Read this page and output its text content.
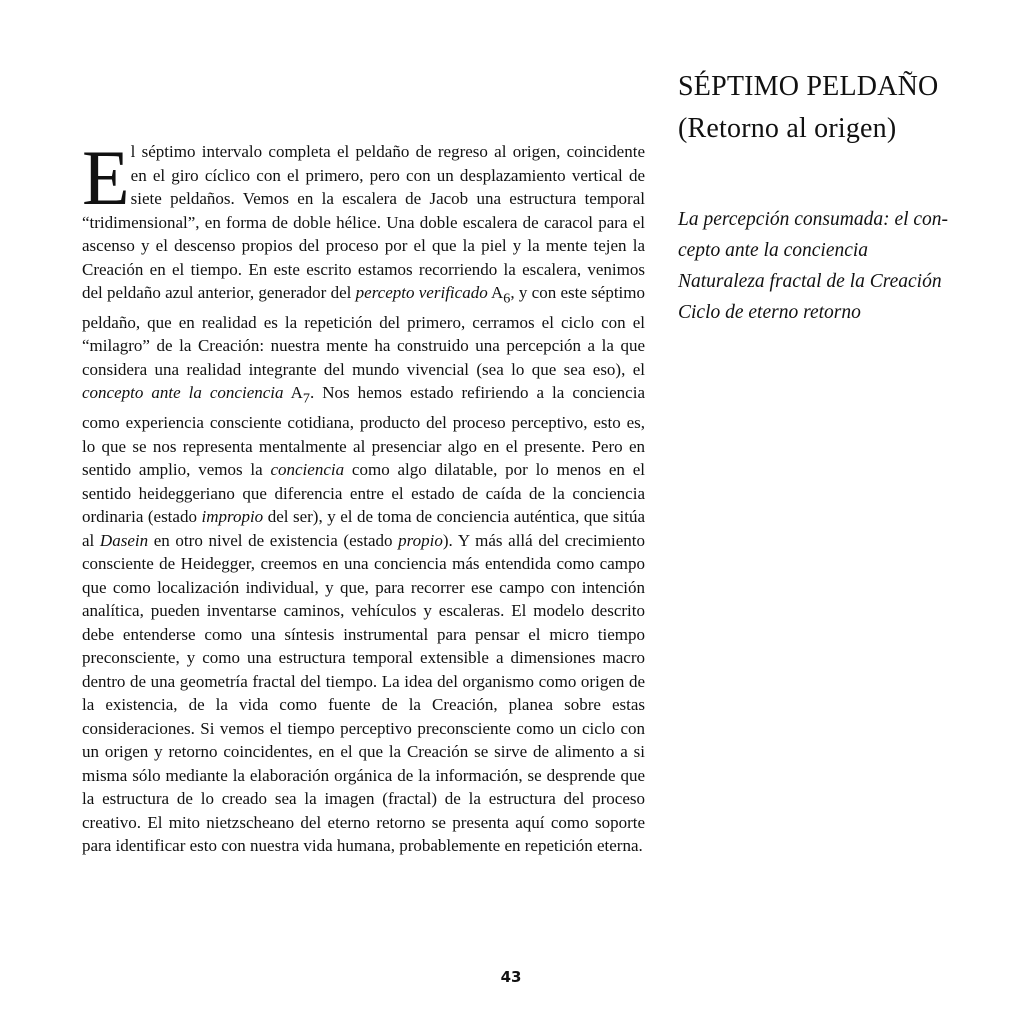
SÉPTIMO PELDAÑO
(Retorno al origen)
La percepción consumada: el con-
cepto ante la conciencia
Naturaleza fractal de la Creación
Ciclo de eterno retorno

El séptimo intervalo completa el peldaño de regreso al origen, coincidente en el giro cíclico con el primero, pero con un desplazamiento vertical de siete peldaños. Vemos en la escalera de Jacob una estructura temporal “tridimensional”, en forma de doble hélice. Una doble escalera de caracol para el ascenso y el descenso propios del proceso por el que la piel y la mente tejen la Creación en el tiempo. En este escrito estamos recorriendo la escalera, venimos del peldaño azul anterior, generador del percepto verificado $A_6$, y con este séptimo peldaño, que en realidad es la repetición del primero, cerramos el ciclo con el “milagro” de la Creación: nuestra mente ha construido una percepción a la que considera una realidad integrante del mundo vivencial (sea lo que sea eso), el concepto ante la conciencia $A_7$. Nos hemos estado refiriendo a la conciencia como experiencia consciente cotidiana, producto del proceso perceptivo, esto es, lo que se nos representa mentalmente al presenciar algo en el presente. Pero en sentido amplio, vemos la conciencia como algo dilatable, por lo menos en el sentido heideggeriano que diferencia entre el estado de caída de la conciencia ordinaria (estado impropio del ser), y el de toma de conciencia auténtica, que sitúa al Dasein en otro nivel de existencia (estado propio). Y más allá del crecimiento consciente de Heidegger, creemos en una conciencia más entendida como campo que como localización individual, y que, para recorrer ese campo con intención analítica, pueden inventarse caminos, vehículos y escaleras. El modelo descrito debe entenderse como una síntesis instrumental para pensar el micro tiempo preconsciente, y como una estructura temporal extensible a dimensiones macro dentro de una geometría fractal del tiempo. La idea del organismo como origen de la existencia, de la vida como fuente de la Creación, planea sobre estas consideraciones. Si vemos el tiempo perceptivo preconsciente como un ciclo con un origen y retorno coincidentes, en el que la Creación se sirve de alimento a si misma sólo mediante la elaboración orgánica de la información, se desprende que la estructura de lo creado sea la imagen (fractal) de la estructura del proceso creativo. El mito nietzscheano del eterno retorno se presenta aquí como soporte para identificar esto con nuestra vida humana, probablemente en repetición eterna.

43
